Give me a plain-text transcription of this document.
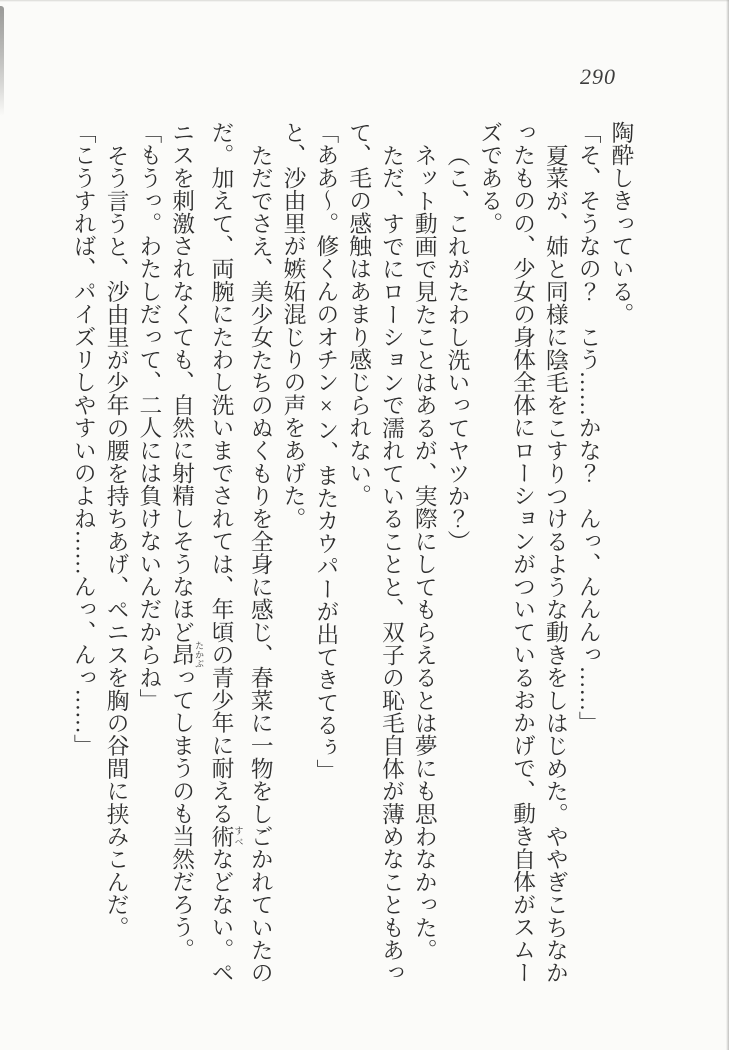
290
陶酔しきっている。
「そ、そうなの？　こう……かな？　んっ、んんんっ……」
夏菜が、姉と同様に陰毛をこすりつけるような動きをしはじめた。ややぎこちなか
ったものの、少女の身体全体にローションがついているおかげで、動き自体がスムー
ズである。
（こ、これがたわし洗いってヤツか？）
ネット動画で見たことはあるが、実際にしてもらえるとは夢にも思わなかった。
ただ、すでにローションで濡れていることと、双子の恥毛自体が薄めなこともあっ
て、毛の感触はあまり感じられない。
「ああ〜。修くんのオチン×ン、またカウパーが出てきてるぅ」
と、沙由里が嫉妬混じりの声をあげた。
ただでさえ、美少女たちのぬくもりを全身に感じ、春菜に一物をしごかれていたの
だ。加えて、両腕にたわし洗いまでされては、年頃の青少年に耐える術 すべなどない。ペ
ニスを刺激されなくても、自然に射精しそうなほど昂 たかぶってしまうのも当然だろう。
「もうっ。わたしだって、二人には負けないんだからね」
そう言うと、沙由里が少年の腰を持ちあげ、ペニスを胸の谷間に挟みこんだ。
「こうすれば、パイズリしやすいのよね……んっ、んっ……」
